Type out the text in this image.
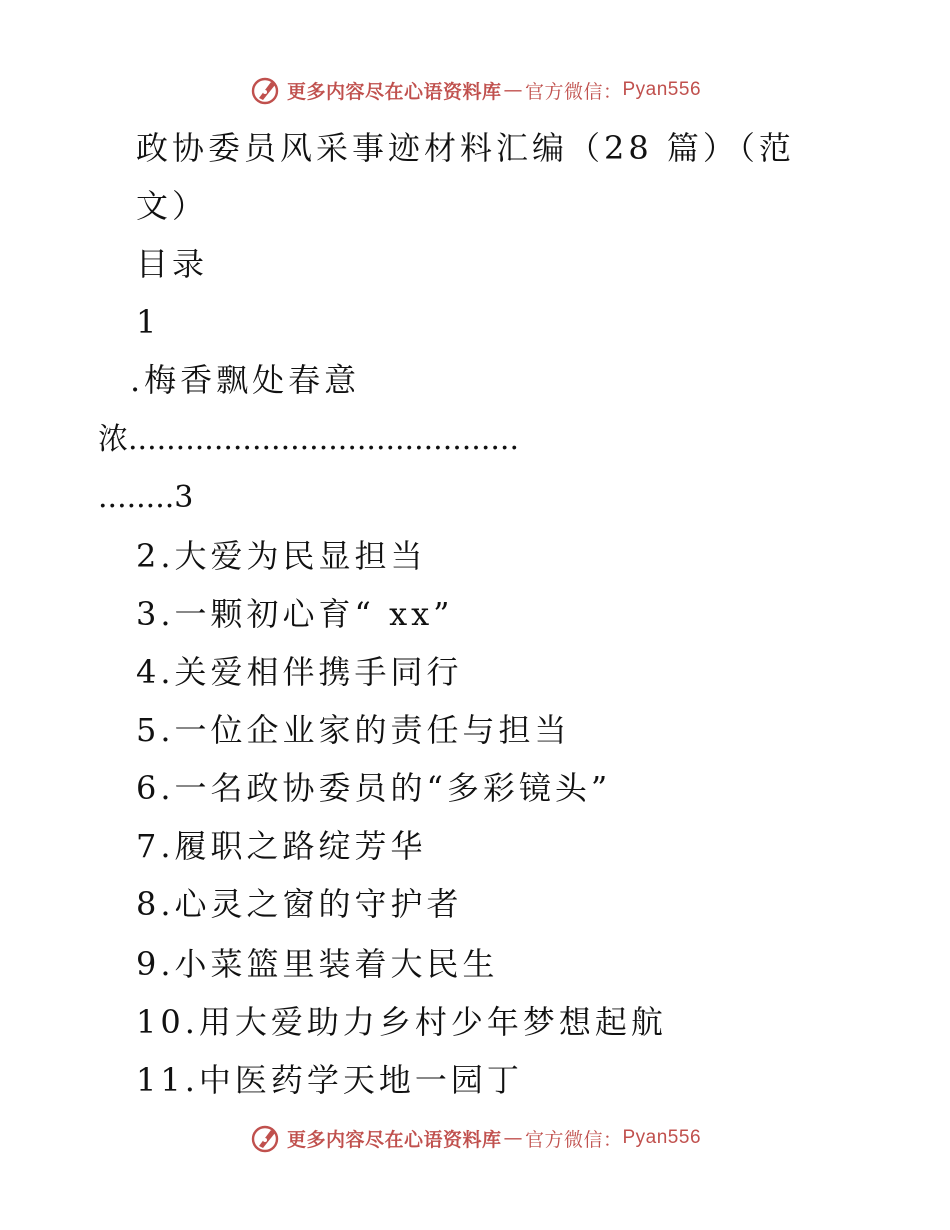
更多内容尽在心语资料库 — 官方微信： Pyan556
政协委员风采事迹材料汇编（28 篇）（范
文）
目录
1
.梅香飘处春意
浓.........................................
........3
2.大爱为民显担当
3.一颗初心育“ xx”
4.关爱相伴携手同行
5.一位企业家的责任与担当
6.一名政协委员的“多彩镜头”
7.履职之路绽芳华
8.心灵之窗的守护者
9.小菜篮里装着大民生
10.用大爱助力乡村少年梦想起航
11.中医药学天地一园丁
更多内容尽在心语资料库 — 官方微信： Pyan556
